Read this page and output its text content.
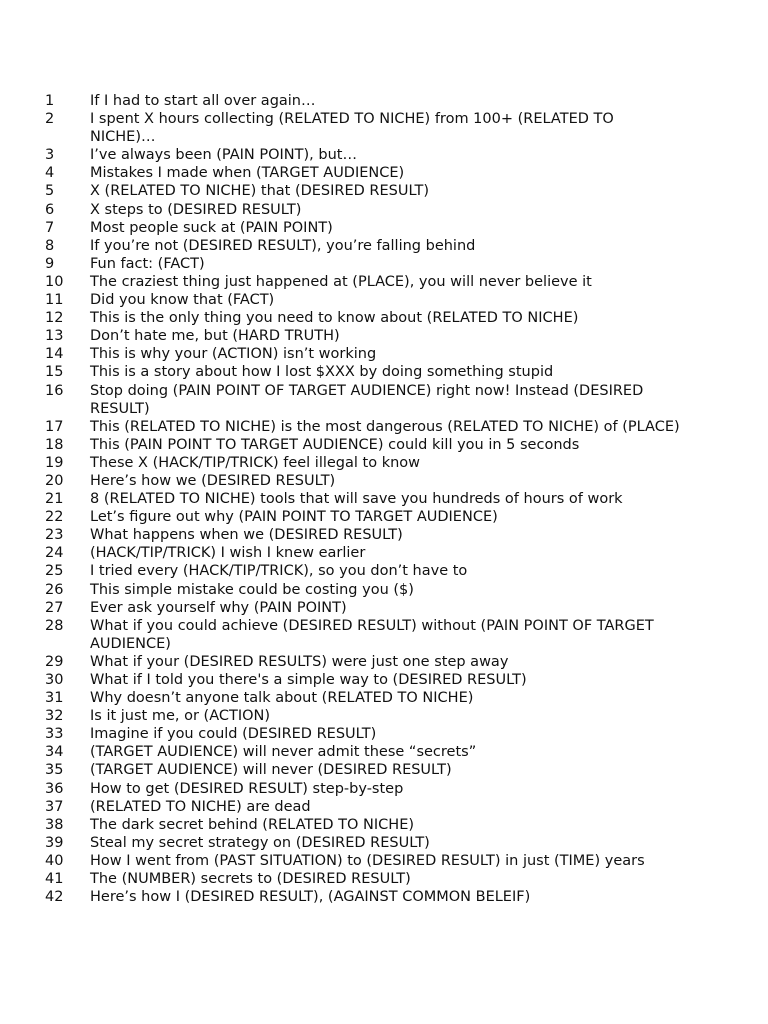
1	If I had to start all over again…
2	I spent X hours collecting (RELATED TO NICHE) from 100+ (RELATED TO NICHE)…
3	I’ve always been (PAIN POINT), but…
4	Mistakes I made when (TARGET AUDIENCE)
5	X (RELATED TO NICHE) that (DESIRED RESULT)
6	X steps to (DESIRED RESULT)
7	Most people suck at (PAIN POINT)
8	If you’re not (DESIRED RESULT), you’re falling behind
9	Fun fact: (FACT)
10	The craziest thing just happened at (PLACE), you will never believe it
11	Did you know that (FACT)
12	This is the only thing you need to know about (RELATED TO NICHE)
13	Don’t hate me, but (HARD TRUTH)
14	This is why your (ACTION) isn’t working
15	This is a story about how I lost $XXX by doing something stupid
16	Stop doing (PAIN POINT OF TARGET AUDIENCE) right now! Instead (DESIRED RESULT)
17	This (RELATED TO NICHE) is the most dangerous (RELATED TO NICHE) of (PLACE)
18	This (PAIN POINT TO TARGET AUDIENCE) could kill you in 5 seconds
19	These X (HACK/TIP/TRICK) feel illegal to know
20	Here’s how we (DESIRED RESULT)
21	8 (RELATED TO NICHE) tools that will save you hundreds of hours of work
22	Let’s figure out why (PAIN POINT TO TARGET AUDIENCE)
23	What happens when we (DESIRED RESULT)
24	(HACK/TIP/TRICK) I wish I knew earlier
25	I tried every (HACK/TIP/TRICK), so you don’t have to
26	This simple mistake could be costing you ($)
27	Ever ask yourself why (PAIN POINT)
28	What if you could achieve (DESIRED RESULT) without (PAIN POINT OF TARGET AUDIENCE)
29	What if your (DESIRED RESULTS) were just one step away
30	What if I told you there's a simple way to (DESIRED RESULT)
31	Why doesn’t anyone talk about (RELATED TO NICHE)
32	Is it just me, or (ACTION)
33	Imagine if you could (DESIRED RESULT)
34	(TARGET AUDIENCE) will never admit these “secrets”
35	(TARGET AUDIENCE) will never (DESIRED RESULT)
36	How to get (DESIRED RESULT) step-by-step
37	(RELATED TO NICHE) are dead
38	The dark secret behind (RELATED TO NICHE)
39	Steal my secret strategy on (DESIRED RESULT)
40	How I went from (PAST SITUATION) to (DESIRED RESULT) in just (TIME) years
41	The (NUMBER) secrets to (DESIRED RESULT)
42	Here’s how I (DESIRED RESULT), (AGAINST COMMON BELEIF)
